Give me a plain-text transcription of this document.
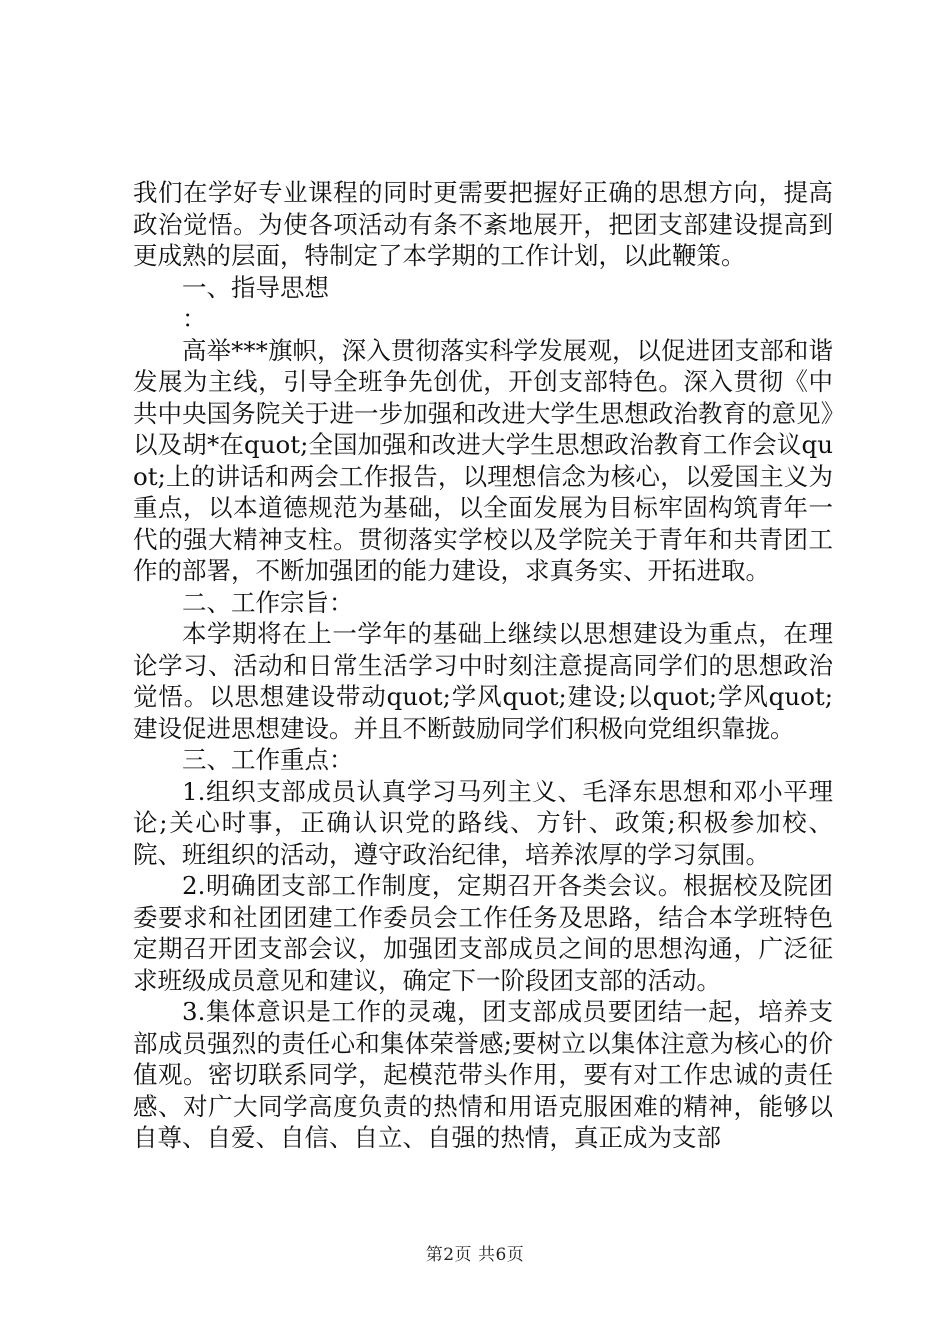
我们在学好专业课程的同时更需要把握好正确的思想方向，提高政治觉悟。为使各项活动有条不紊地展开，把团支部建设提高到更成熟的层面，特制定了本学期的工作计划，以此鞭策。

一、指导思想

：

高举***旗帜，深入贯彻落实科学发展观，以促进团支部和谐发展为主线，引导全班争先创优，开创支部特色。深入贯彻《中共中央国务院关于进一步加强和改进大学生思想政治教育的意见》以及胡*在quot;全国加强和改进大学生思想政治教育工作会议quot;上的讲话和两会工作报告，以理想信念为核心，以爱国主义为重点，以本道德规范为基础，以全面发展为目标牢固构筑青年一代的强大精神支柱。贯彻落实学校以及学院关于青年和共青团工作的部署，不断加强团的能力建设，求真务实、开拓进取。

二、工作宗旨：

本学期将在上一学年的基础上继续以思想建设为重点，在理论学习、活动和日常生活学习中时刻注意提高同学们的思想政治觉悟。以思想建设带动quot;学风quot;建设;以quot;学风quot;建设促进思想建设。并且不断鼓励同学们积极向党组织靠拢。

三、工作重点：

1.组织支部成员认真学习马列主义、毛泽东思想和邓小平理论;关心时事，正确认识党的路线、方针、政策;积极参加校、院、班组织的活动，遵守政治纪律，培养浓厚的学习氛围。

2.明确团支部工作制度，定期召开各类会议。根据校及院团委要求和社团团建工作委员会工作任务及思路，结合本学班特色定期召开团支部会议，加强团支部成员之间的思想沟通，广泛征求班级成员意见和建议，确定下一阶段团支部的活动。

3.集体意识是工作的灵魂，团支部成员要团结一起，培养支部成员强烈的责任心和集体荣誉感;要树立以集体注意为核心的价值观。密切联系同学，起模范带头作用，要有对工作忠诚的责任感、对广大同学高度负责的热情和用语克服困难的精神，能够以自尊、自爱、自信、自立、自强的热情，真正成为支部

第2页 共6页
